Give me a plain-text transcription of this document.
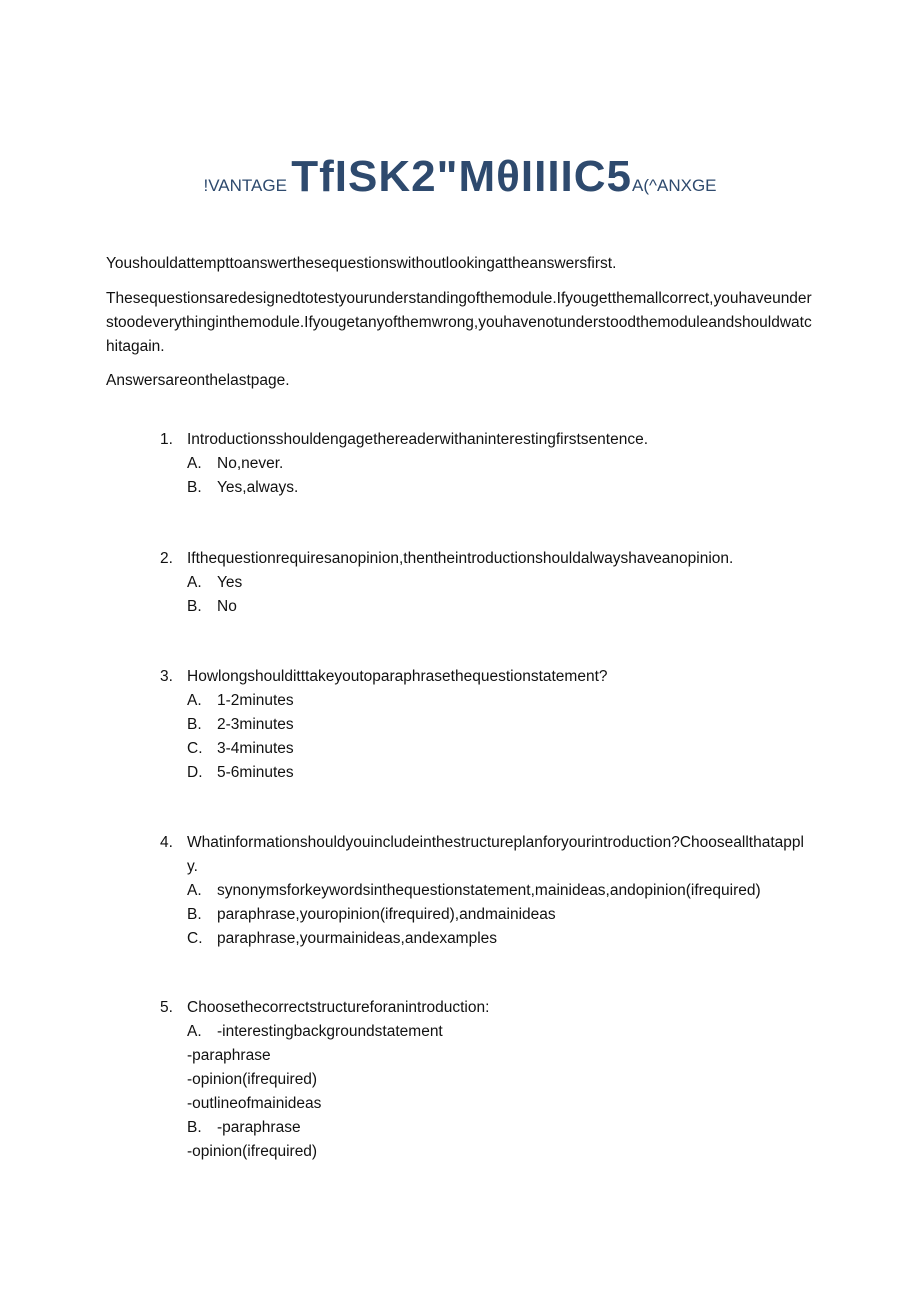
!VANTAGE TfISK2"MθIIIIC5A(^ANXGE
Youshouldattempttoanswerthesequestionswithoutlookingattheanswersfirst.
Thesequestionsaredesignedtotestyourunderstandingofthemodule.Ifyougetthemallcorrect,youhaveunderstoodeverythinginthemodule.Ifyougetanyofthemwrong,youhavenotunderstoodthemoduleandshouldwatchitagain.
Answersareonthelastpage.
1. Introductionsshouldengagethereaderwithaninterestingfirstsentence.
A. No,never.
B. Yes,always.
2. Ifthequestionrequiresanopinion,thentheintroductionshouldalwayshaveanopinion.
A. Yes
B. No
3. Howlongshoulditttakeyoutoparaphrasethequestionstatement?
A. 1-2minutes
B. 2-3minutes
C. 3-4minutes
D. 5-6minutes
4. Whatinformationshouldyouincludeinthestructureplanforyourintroduction?Chooseallthatapply.
A. synonymsforkeywordsinthequestionstatement,mainideas,andopinion(ifrequired)
B. paraphrase,youropinion(ifrequired),andmainideas
C. paraphrase,yourmainideas,andexamples
5. Choosethecorrectstructureforanintroduction:
A. -interestingbackgroundstatement
-paraphrase
-opinion(ifrequired)
-outlineofmainideas
B. -paraphrase
-opinion(ifrequired)
